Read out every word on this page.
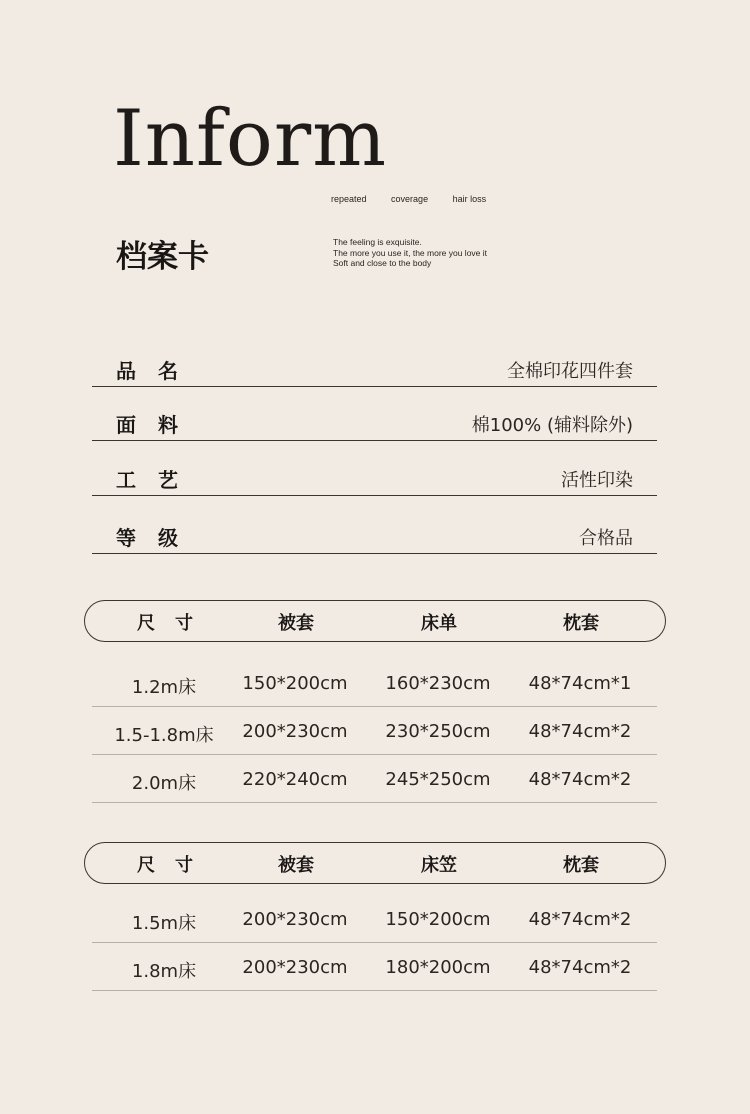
Inform
repeated	coverage	hair loss
档案卡	The feeling is exquisite.
The more you use it, the more you love it
Soft and close to the body
品名	全棉印花四件套
面料	棉100% (辅料除外)
工艺	活性印染
等级	合格品
尺寸	被套	床单	枕套
1.2m床	150*200cm 160*230cm 48*74cm*1
1.5-1.8m床 200*230cm 230*250cm 48*74cm*2
2.0m床	220*240cm 245*250cm 48*74cm*2
尺寸	被套	床笠	枕套
1.5m床	200*230cm 150*200cm 48*74cm*2
1.8m床	200*230cm 180*200cm 48*74cm*2
